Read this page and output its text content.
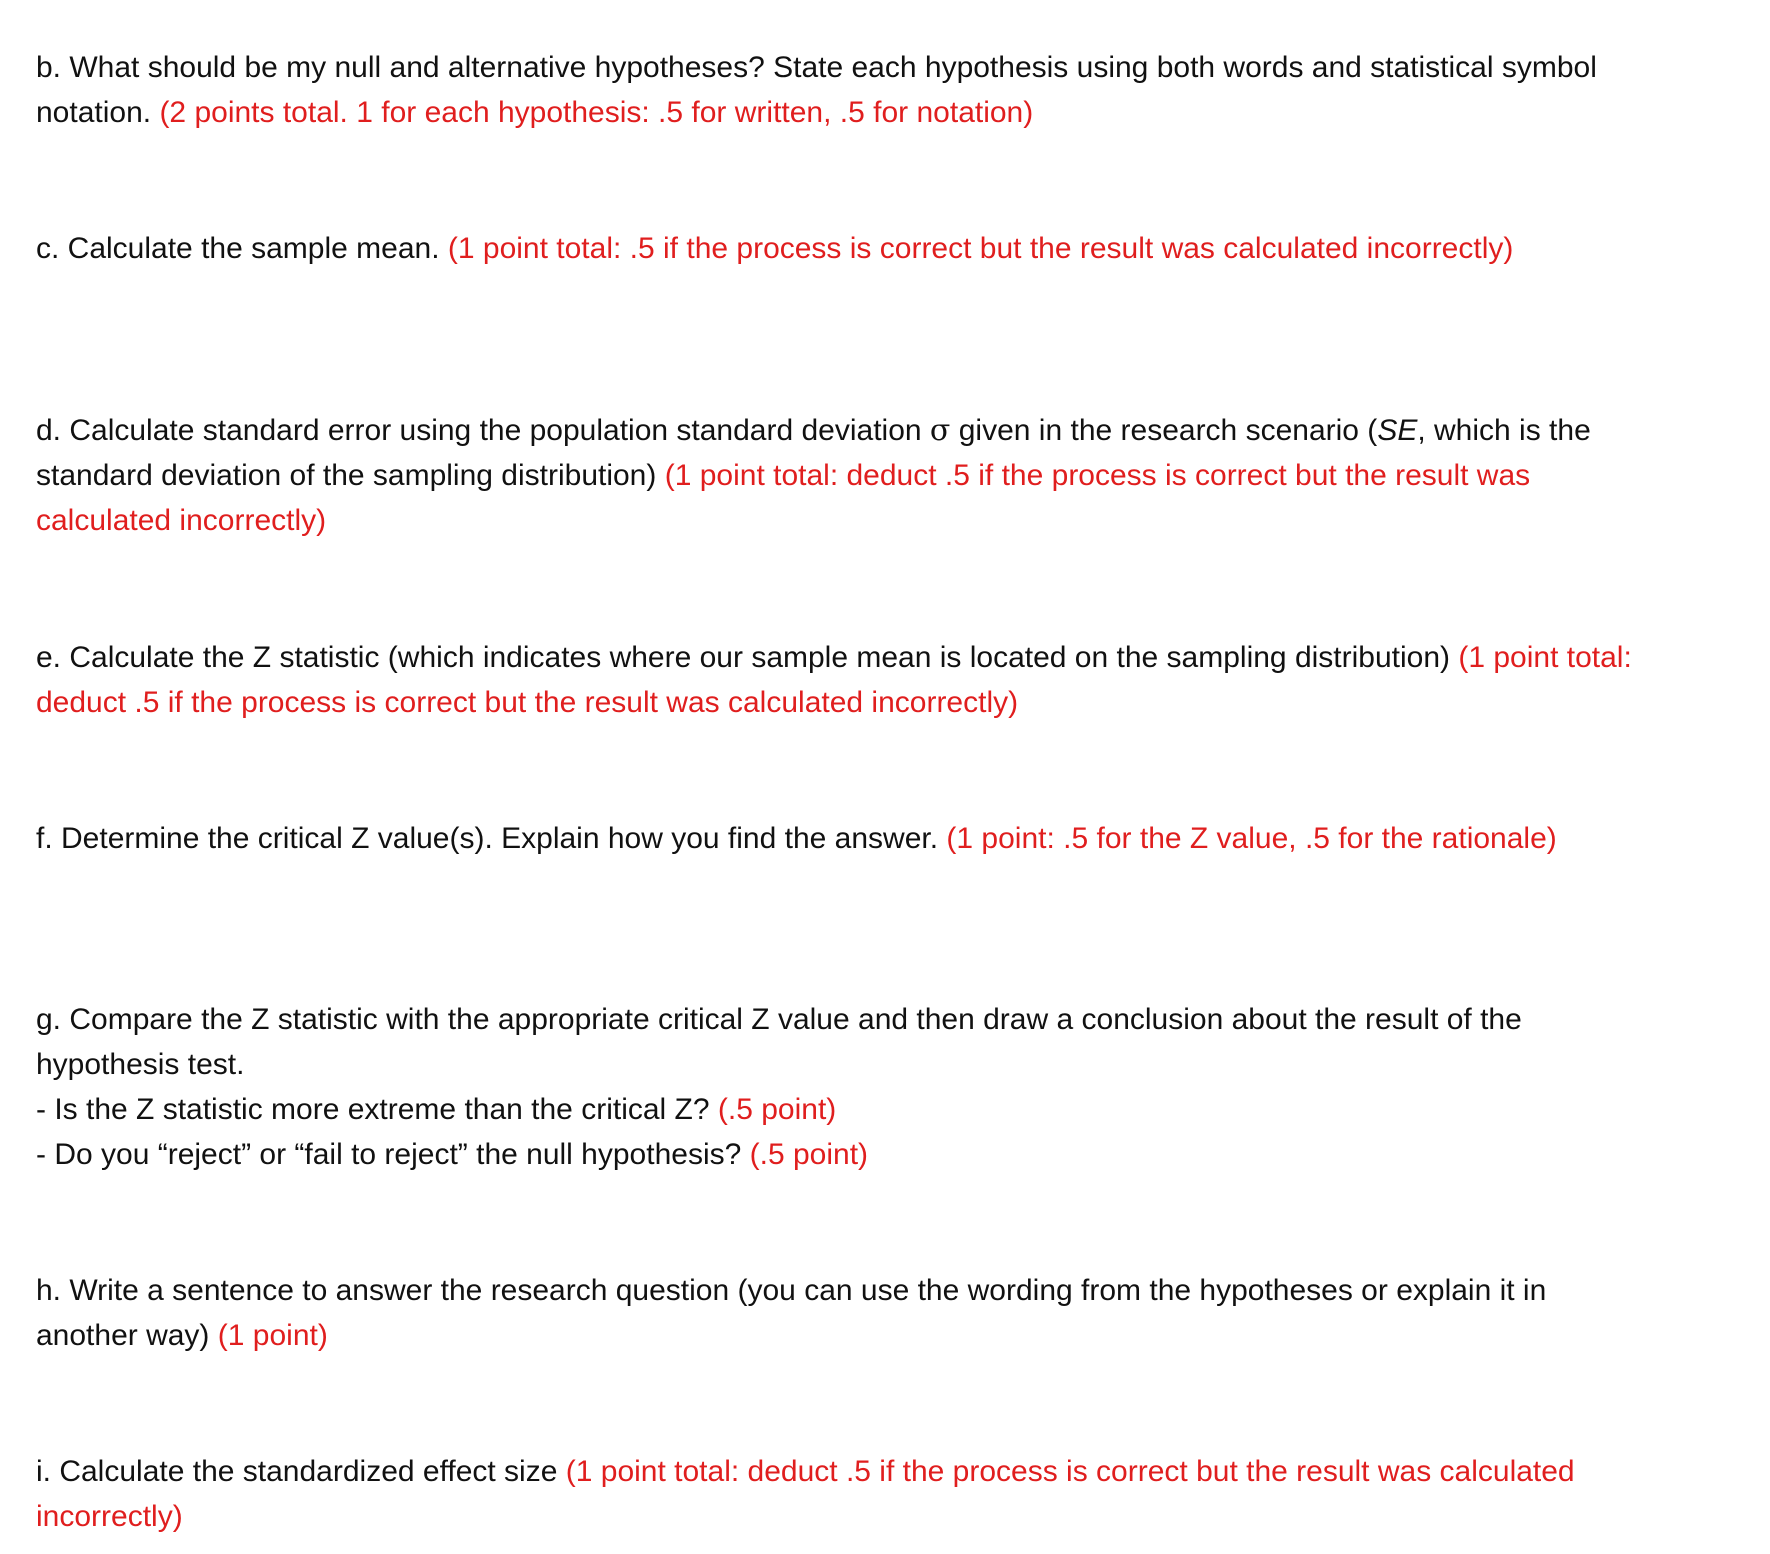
b. What should be my null and alternative hypotheses? State each hypothesis using both words and statistical symbol notation. (2 points total. 1 for each hypothesis: .5 for written, .5 for notation)

c. Calculate the sample mean. (1 point total: .5 if the process is correct but the result was calculated incorrectly)

d. Calculate standard error using the population standard deviation σ given in the research scenario (SE, which is the standard deviation of the sampling distribution) (1 point total: deduct .5 if the process is correct but the result was calculated incorrectly)

e. Calculate the Z statistic (which indicates where our sample mean is located on the sampling distribution) (1 point total: deduct .5 if the process is correct but the result was calculated incorrectly)

f. Determine the critical Z value(s). Explain how you find the answer. (1 point: .5 for the Z value, .5 for the rationale)

g. Compare the Z statistic with the appropriate critical Z value and then draw a conclusion about the result of the hypothesis test.
- Is the Z statistic more extreme than the critical Z? (.5 point)
- Do you “reject” or “fail to reject” the null hypothesis? (.5 point)

h. Write a sentence to answer the research question (you can use the wording from the hypotheses or explain it in another way) (1 point)

i. Calculate the standardized effect size (1 point total: deduct .5 if the process is correct but the result was calculated incorrectly)
